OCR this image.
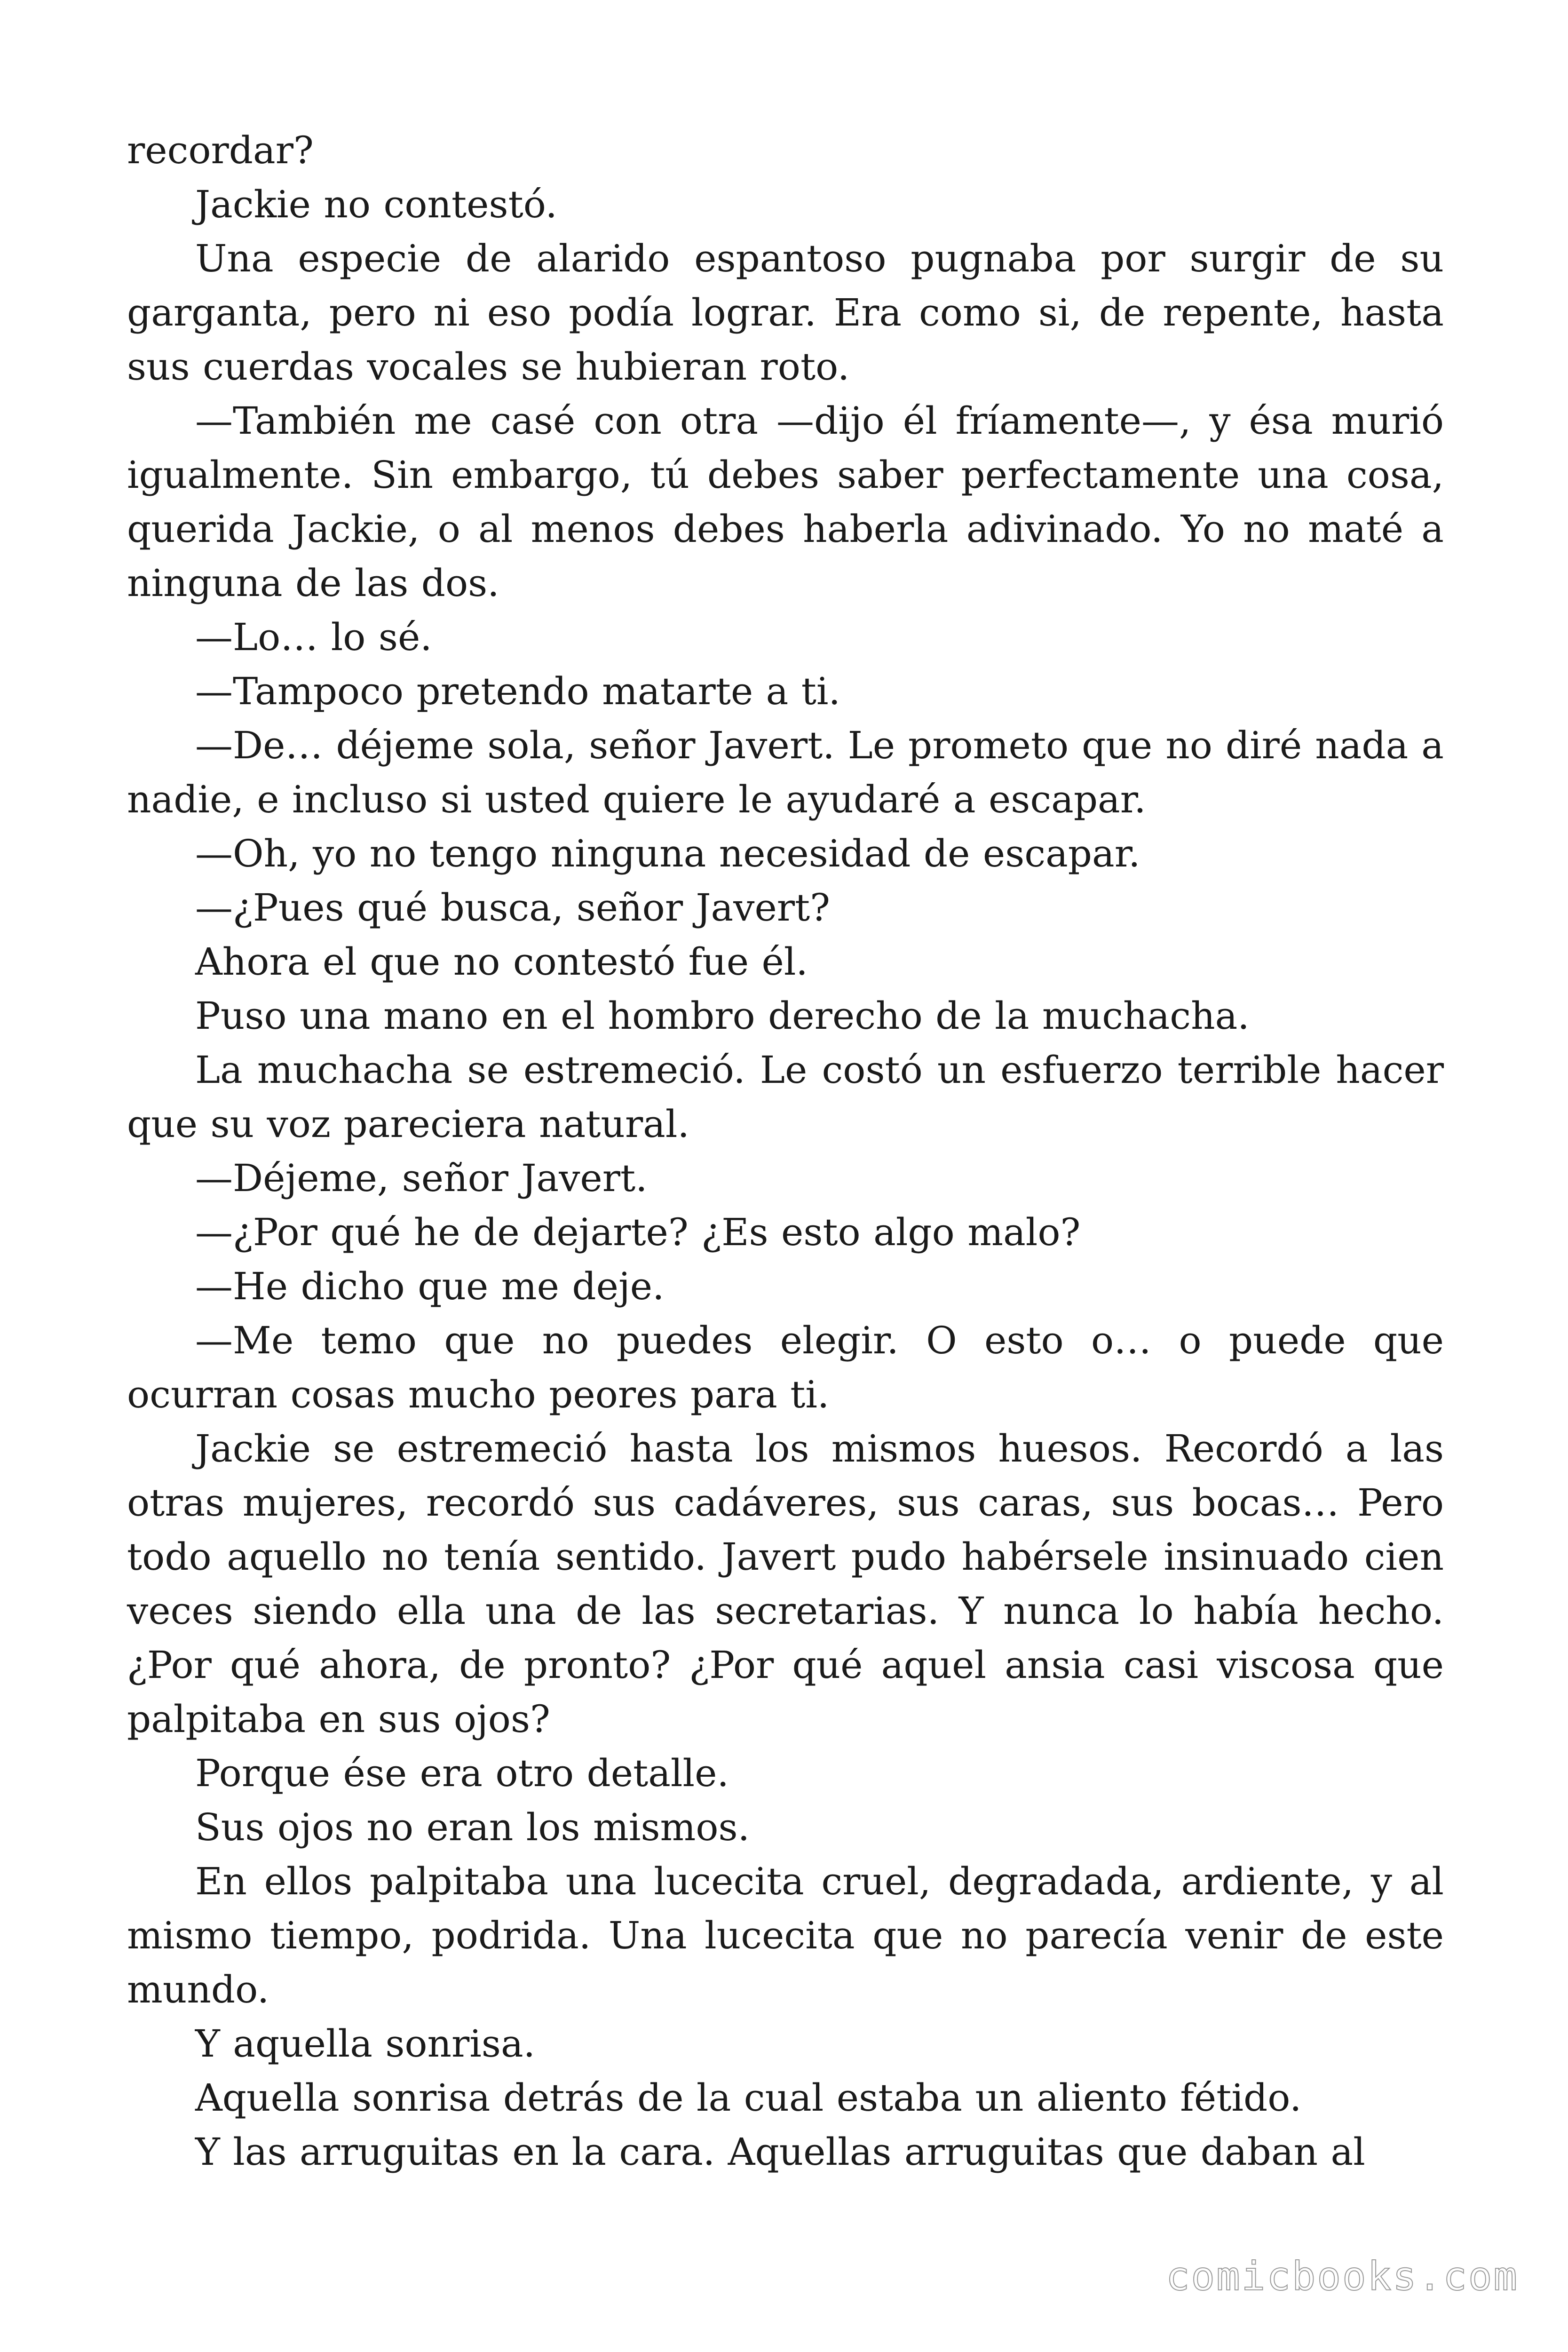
recordar?

Jackie no contestó.

Una especie de alarido espantoso pugnaba por surgir de su garganta, pero ni eso podía lograr. Era como si, de repente, hasta sus cuerdas vocales se hubieran roto.

—También me casé con otra —dijo él fríamente—, y ésa murió igualmente. Sin embargo, tú debes saber perfectamente una cosa, querida Jackie, o al menos debes haberla adivinado. Yo no maté a ninguna de las dos.

—Lo… lo sé.

—Tampoco pretendo matarte a ti.

—De… déjeme sola, señor Javert. Le prometo que no diré nada a nadie, e incluso si usted quiere le ayudaré a escapar.

—Oh, yo no tengo ninguna necesidad de escapar.

—¿Pues qué busca, señor Javert?

Ahora el que no contestó fue él.

Puso una mano en el hombro derecho de la muchacha.

La muchacha se estremeció. Le costó un esfuerzo terrible hacer que su voz pareciera natural.

—Déjeme, señor Javert.

—¿Por qué he de dejarte? ¿Es esto algo malo?

—He dicho que me deje.

—Me temo que no puedes elegir. O esto o… o puede que ocurran cosas mucho peores para ti.

Jackie se estremeció hasta los mismos huesos. Recordó a las otras mujeres, recordó sus cadáveres, sus caras, sus bocas… Pero todo aquello no tenía sentido. Javert pudo habérsele insinuado cien veces siendo ella una de las secretarias. Y nunca lo había hecho. ¿Por qué ahora, de pronto? ¿Por qué aquel ansia casi viscosa que palpitaba en sus ojos?

Porque ése era otro detalle.

Sus ojos no eran los mismos.

En ellos palpitaba una lucecita cruel, degradada, ardiente, y al mismo tiempo, podrida. Una lucecita que no parecía venir de este mundo.

Y aquella sonrisa.

Aquella sonrisa detrás de la cual estaba un aliento fétido.

Y las arruguitas en la cara. Aquellas arruguitas que daban al

comicbooks.com
